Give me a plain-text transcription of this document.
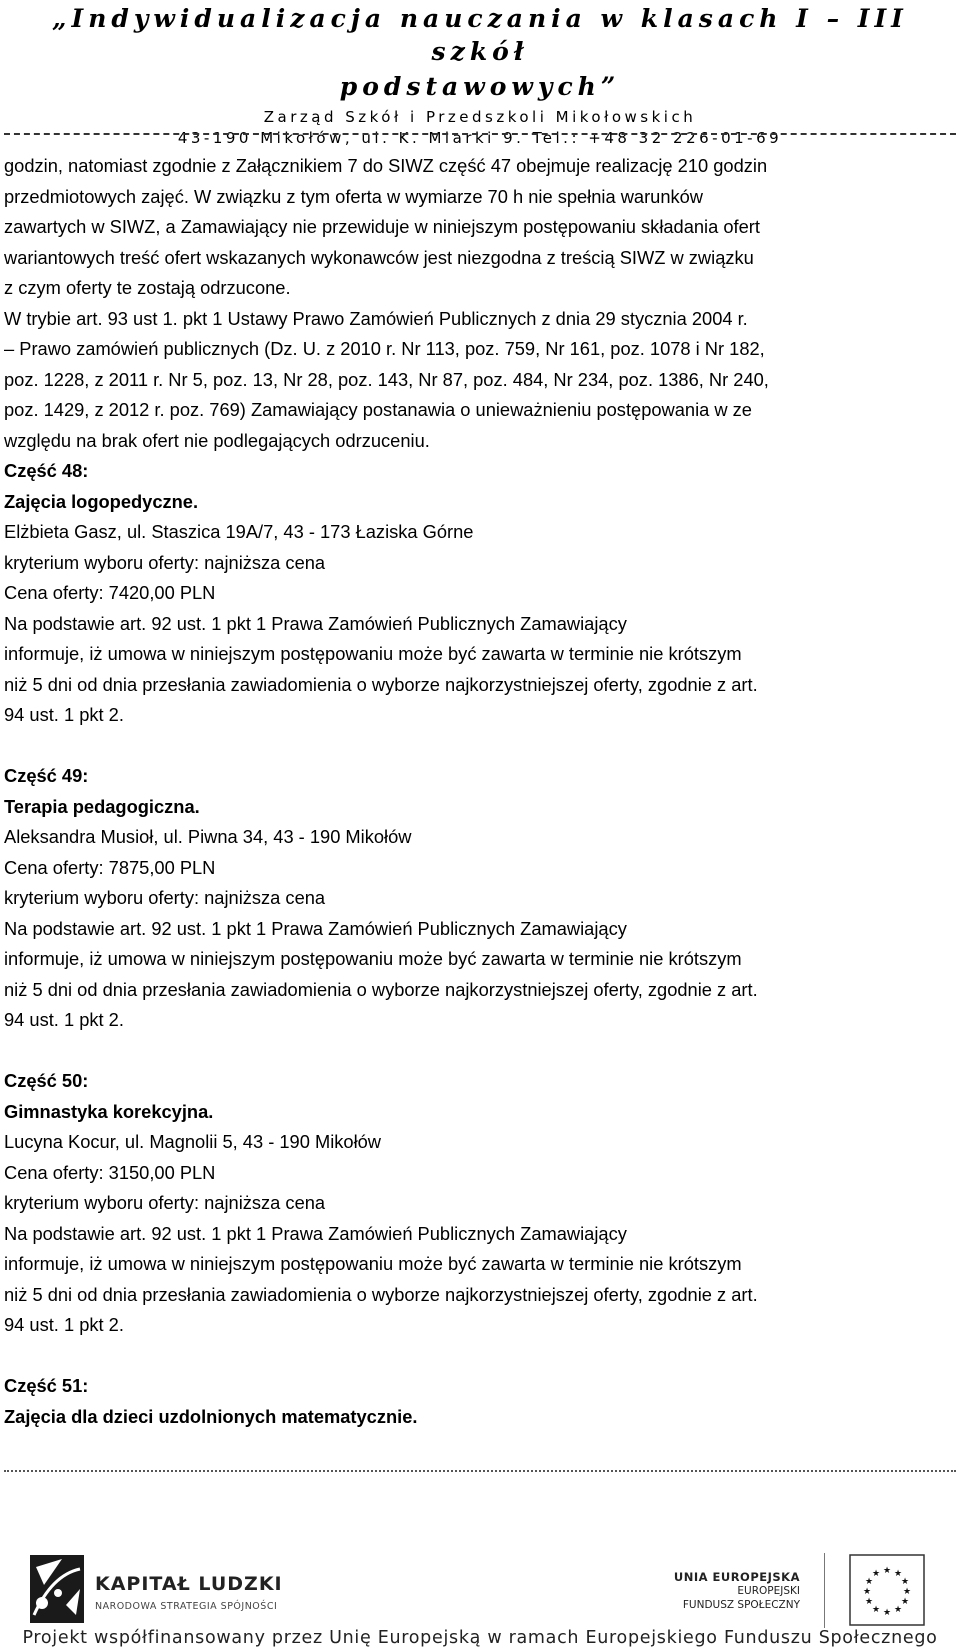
„Indywidualizacja nauczania w klasach I – III szkół
podstawowych”
Zarząd Szkół i Przedszkoli Mikołowskich
43-190 Mikołów, ul. K. Miarki 9. Tel.: +48 32 226-01-69

godzin, natomiast zgodnie z Załącznikiem 7 do SIWZ część 47 obejmuje realizację 210 godzin

przedmiotowych zajęć. W związku z tym oferta w wymiarze 70 h nie spełnia warunków

zawartych w SIWZ, a Zamawiający nie przewiduje w niniejszym postępowaniu składania ofert

wariantowych treść ofert wskazanych wykonawców jest niezgodna z treścią SIWZ w związku

z czym oferty te zostają odrzucone.

W trybie art. 93 ust 1. pkt 1 Ustawy Prawo Zamówień Publicznych z dnia 29 stycznia 2004 r.

– Prawo zamówień publicznych (Dz. U. z 2010 r. Nr 113, poz. 759, Nr 161, poz. 1078 i Nr 182,

poz. 1228, z 2011 r. Nr 5, poz. 13, Nr 28, poz. 143, Nr 87, poz. 484, Nr 234, poz. 1386, Nr 240,

poz. 1429, z 2012 r. poz. 769) Zamawiający postanawia o unieważnieniu postępowania w ze

względu na brak ofert nie podlegających odrzuceniu.

Część 48:

Zajęcia logopedyczne.

Elżbieta Gasz, ul. Staszica 19A/7, 43 - 173 Łaziska Górne

kryterium wyboru oferty: najniższa cena

Cena oferty: 7420,00 PLN

Na podstawie art. 92 ust. 1 pkt 1 Prawa Zamówień Publicznych Zamawiający

informuje, iż umowa w niniejszym postępowaniu może być zawarta w terminie nie krótszym

niż 5 dni od dnia przesłania zawiadomienia o wyborze najkorzystniejszej oferty, zgodnie z art.

94 ust. 1 pkt 2.

Część 49:

Terapia pedagogiczna.

Aleksandra Musioł, ul. Piwna 34, 43 - 190 Mikołów

Cena oferty: 7875,00 PLN

kryterium wyboru oferty: najniższa cena

Na podstawie art. 92 ust. 1 pkt 1 Prawa Zamówień Publicznych Zamawiający

informuje, iż umowa w niniejszym postępowaniu może być zawarta w terminie nie krótszym

niż 5 dni od dnia przesłania zawiadomienia o wyborze najkorzystniejszej oferty, zgodnie z art.

94 ust. 1 pkt 2.

Część 50:

Gimnastyka korekcyjna.

Lucyna Kocur, ul. Magnolii 5, 43 - 190 Mikołów

Cena oferty: 3150,00 PLN

kryterium wyboru oferty: najniższa cena

Na podstawie art. 92 ust. 1 pkt 1 Prawa Zamówień Publicznych Zamawiający

informuje, iż umowa w niniejszym postępowaniu może być zawarta w terminie nie krótszym

niż 5 dni od dnia przesłania zawiadomienia o wyborze najkorzystniejszej oferty, zgodnie z art.

94 ust. 1 pkt 2.

Część 51:

Zajęcia dla dzieci uzdolnionych matematycznie.

KAPITAŁ LUDZKI
NARODOWA STRATEGIA SPÓJNOŚCI
UNIA EUROPEJSKA
EUROPEJSKI
FUNDUSZ SPOŁECZNY
★ ★
★
★
★
★
★
★
★
★
★
★
Projekt współfinansowany przez Unię Europejską w ramach Europejskiego Funduszu Społecznego
